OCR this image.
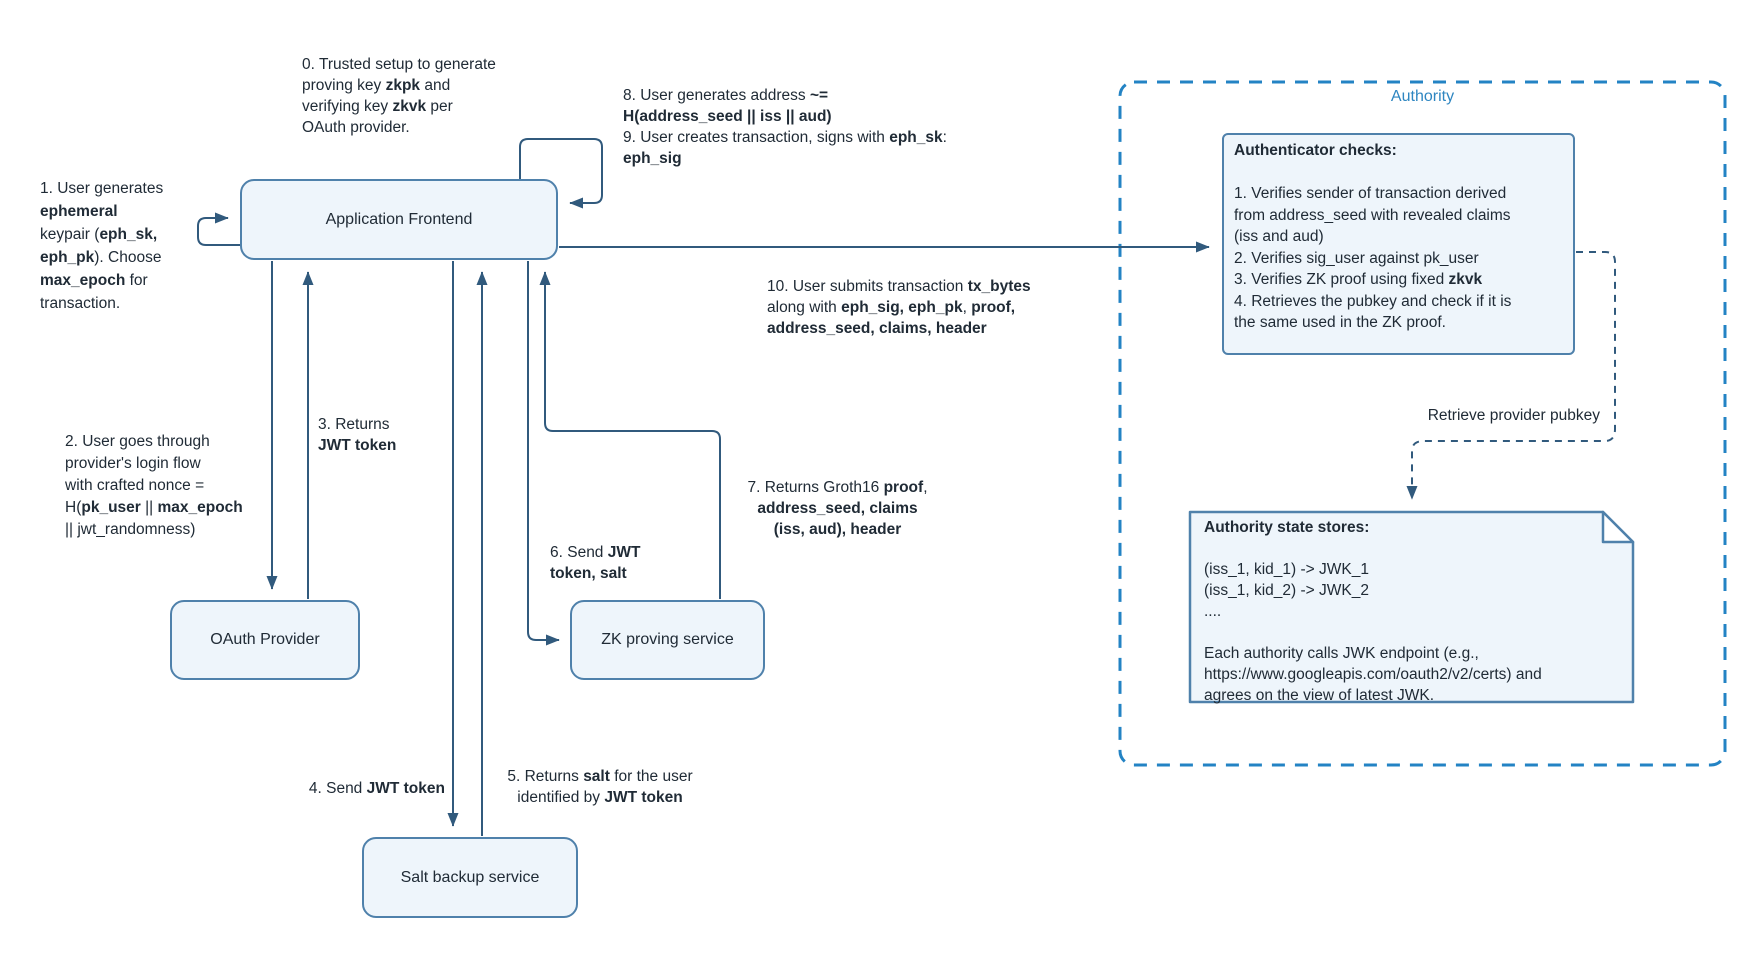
Application Frontend
OAuth Provider	ZK proving service
Salt backup service
Authority
Authenticator checks:

1. Verifies sender of transaction derived
from address_seed with revealed claims
(iss and aud)
2. Verifies sig_user against pk_user
3. Verifies ZK proof using fixed zkvk
4. Retrieves the pubkey and check if it is
the same used in the ZK proof.
Authority state stores:

(iss_1, kid_1) -> JWK_1
(iss_1, kid_2) -> JWK_2
....

Each authority calls JWK endpoint (e.g.,
https://www.googleapis.com/oauth2/v2/certs) and
agrees on the view of latest JWK.
Retrieve provider pubkey
0. Trusted setup to generate
proving key zkpk and
verifying key zkvk per
OAuth provider.
1. User generates
ephemeral
keypair (eph_sk,
eph_pk). Choose
max_epoch for
transaction.
2. User goes through
provider's login flow
with crafted nonce =
H(pk_user || max_epoch
|| jwt_randomness)
3. Returns
JWT token
4. Send JWT token
5. Returns salt for the user
identified by JWT token
6. Send JWT
token, salt
7. Returns Groth16 proof,
address_seed, claims
(iss, aud), header
8. User generates address ~=
H(address_seed || iss || aud)
9. User creates transaction, signs with eph_sk:
eph_sig
10. User submits transaction tx_bytes
along with eph_sig, eph_pk, proof,
address_seed, claims, header
